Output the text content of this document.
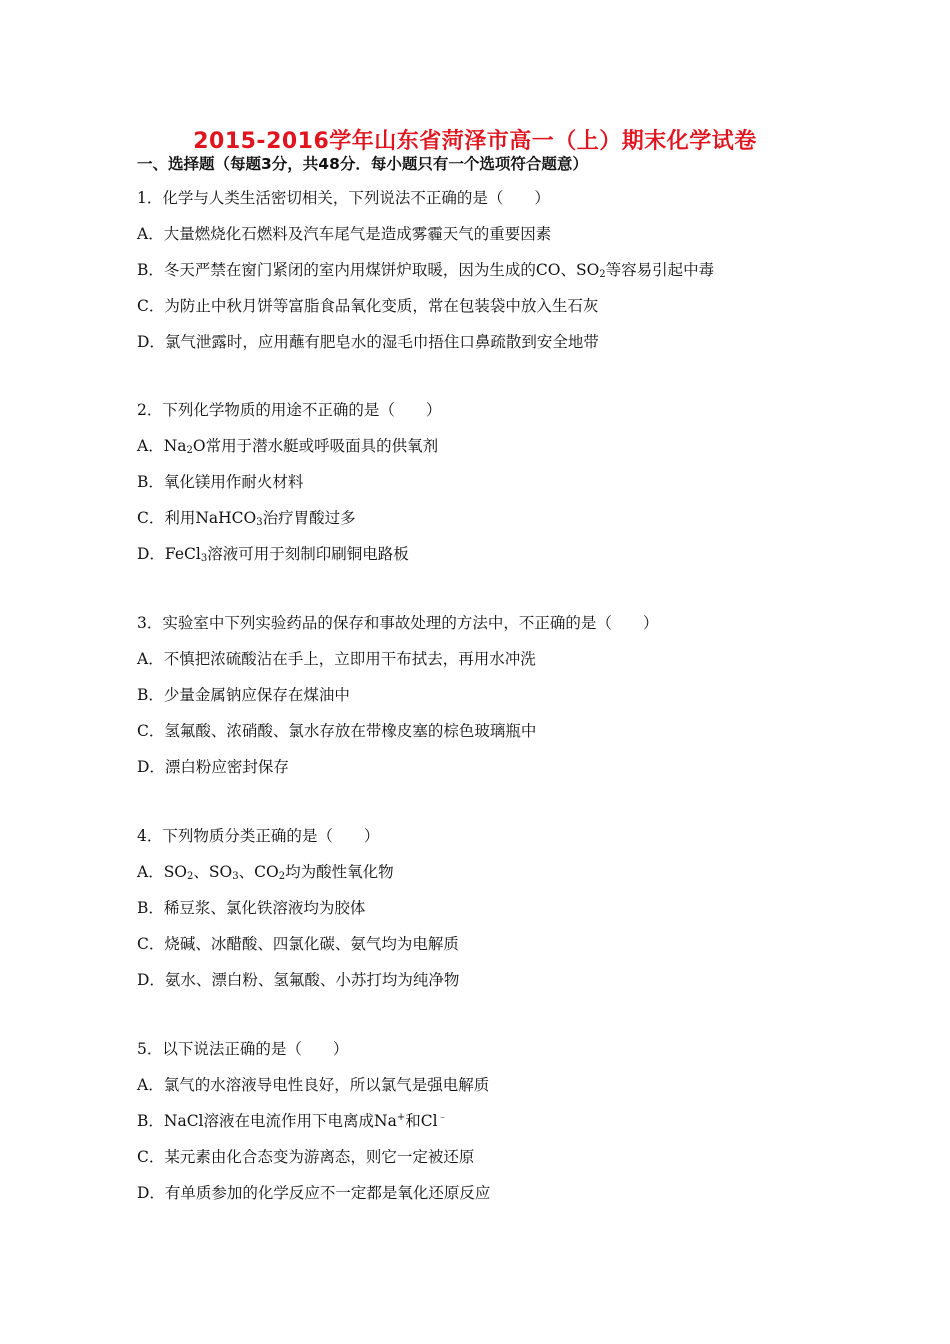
2015-2016学年山东省菏泽市高一（上）期末化学试卷
一、选择题（每题3分，共48分．每小题只有一个选项符合题意）
1．化学与人类生活密切相关，下列说法不正确的是（　　）
A．大量燃烧化石燃料及汽车尾气是造成雾霾天气的重要因素
B．冬天严禁在窗门紧闭的室内用煤饼炉取暖，因为生成的CO、$SO_2$等容易引起中毒
C．为防止中秋月饼等富脂食品氧化变质，常在包装袋中放入生石灰
D．氯气泄露时，应用蘸有肥皂水的湿毛巾捂住口鼻疏散到安全地带
2．下列化学物质的用途不正确的是（　　）
A．$Na_2O$常用于潜水艇或呼吸面具的供氧剂
B．氧化镁用作耐火材料
C．利用NaHCO$_3$治疗胃酸过多
D．FeCl$_3$溶液可用于刻制印刷铜电路板
3．实验室中下列实验药品的保存和事故处理的方法中，不正确的是（　　）
A．不慎把浓硫酸沾在手上，立即用干布拭去，再用水冲洗
B．少量金属钠应保存在煤油中
C．氢氟酸、浓硝酸、氯水存放在带橡皮塞的棕色玻璃瓶中
D．漂白粉应密封保存
4．下列物质分类正确的是（　　）
A．$SO_2$、$SO_3$、$CO_2$均为酸性氧化物
B．稀豆浆、氯化铁溶液均为胶体
C．烧碱、冰醋酸、四氯化碳、氨气均为电解质
D．氨水、漂白粉、氢氟酸、小苏打均为纯净物
5．以下说法正确的是（　　）
A．氯气的水溶液导电性良好，所以氯气是强电解质
B．NaCl溶液在电流作用下电离成Na+和Cl﹣
C．某元素由化合态变为游离态，则它一定被还原
D．有单质参加的化学反应不一定都是氧化还原反应
